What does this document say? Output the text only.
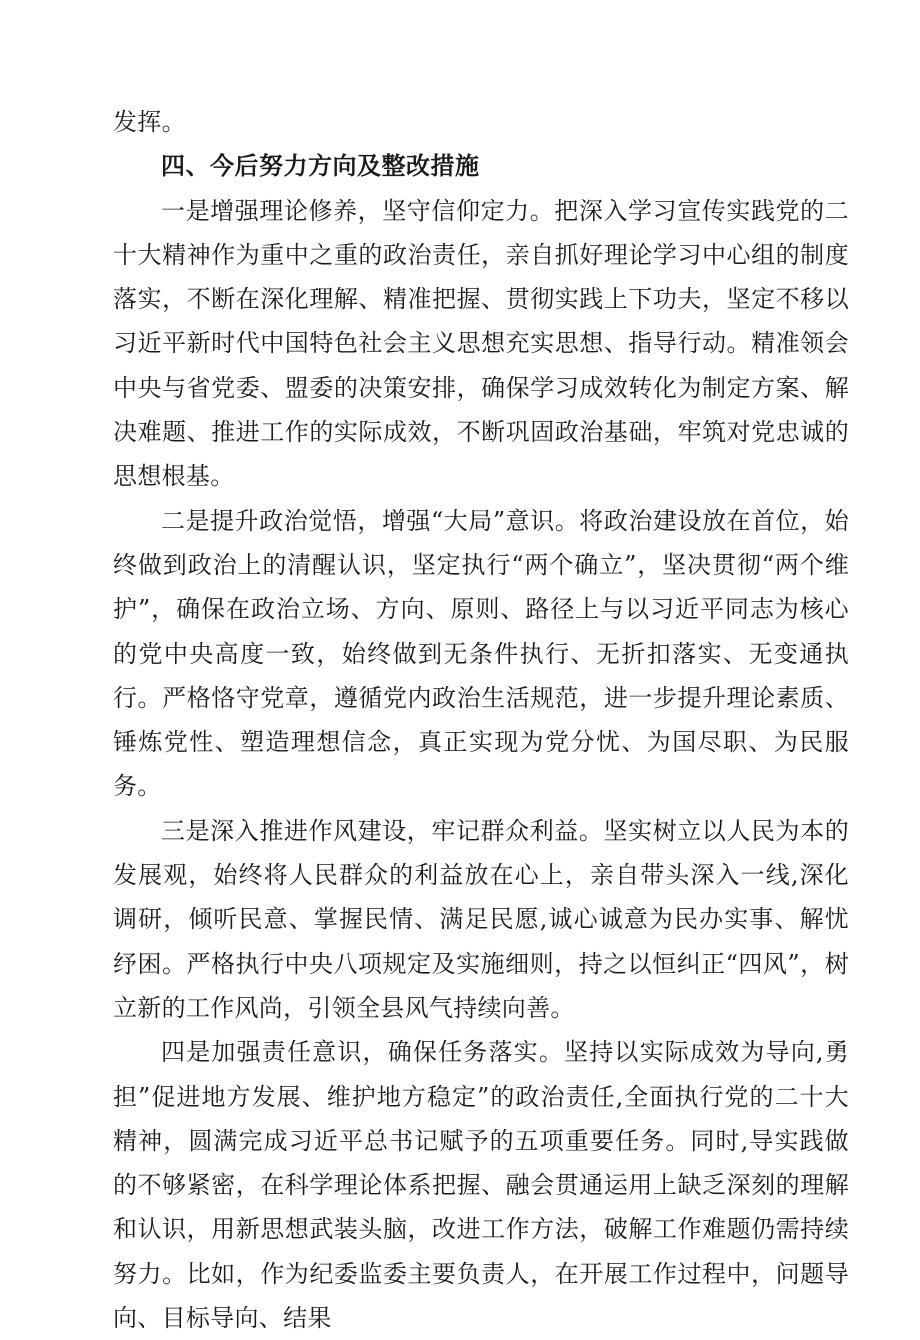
发挥。

四、今后努力方向及整改措施

一是增强理论修养，坚守信仰定力。把深入学习宣传实践党的二十大精神作为重中之重的政治责任，亲自抓好理论学习中心组的制度落实，不断在深化理解、精准把握、贯彻实践上下功夫，坚定不移以习近平新时代中国特色社会主义思想充实思想、指导行动。精准领会中央与省党委、盟委的决策安排，确保学习成效转化为制定方案、解决难题、推进工作的实际成效，不断巩固政治基础，牢筑对党忠诚的思想根基。

二是提升政治觉悟，增强“大局”意识。将政治建设放在首位，始终做到政治上的清醒认识，坚定执行“两个确立”，坚决贯彻“两个维护”，确保在政治立场、方向、原则、路径上与以习近平同志为核心的党中央高度一致，始终做到无条件执行、无折扣落实、无变通执行。严格恪守党章，遵循党内政治生活规范，进一步提升理论素质、锤炼党性、塑造理想信念，真正实现为党分忧、为国尽职、为民服务。

三是深入推进作风建设，牢记群众利益。坚实树立以人民为本的发展观，始终将人民群众的利益放在心上，亲自带头深入一线,深化调研，倾听民意、掌握民情、满足民愿,诚心诚意为民办实事、解忧纾困。严格执行中央八项规定及实施细则，持之以恒纠正“四风”，树立新的工作风尚，引领全县风气持续向善。

四是加强责任意识，确保任务落实。坚持以实际成效为导向,勇担”促进地方发展、维护地方稳定”的政治责任,全面执行党的二十大精神，圆满完成习近平总书记赋予的五项重要任务。同时,导实践做的不够紧密，在科学理论体系把握、融会贯通运用上缺乏深刻的理解和认识，用新思想武装头脑，改进工作方法，破解工作难题仍需持续努力。比如，作为纪委监委主要负责人，在开展工作过程中，问题导向、目标导向、结果
